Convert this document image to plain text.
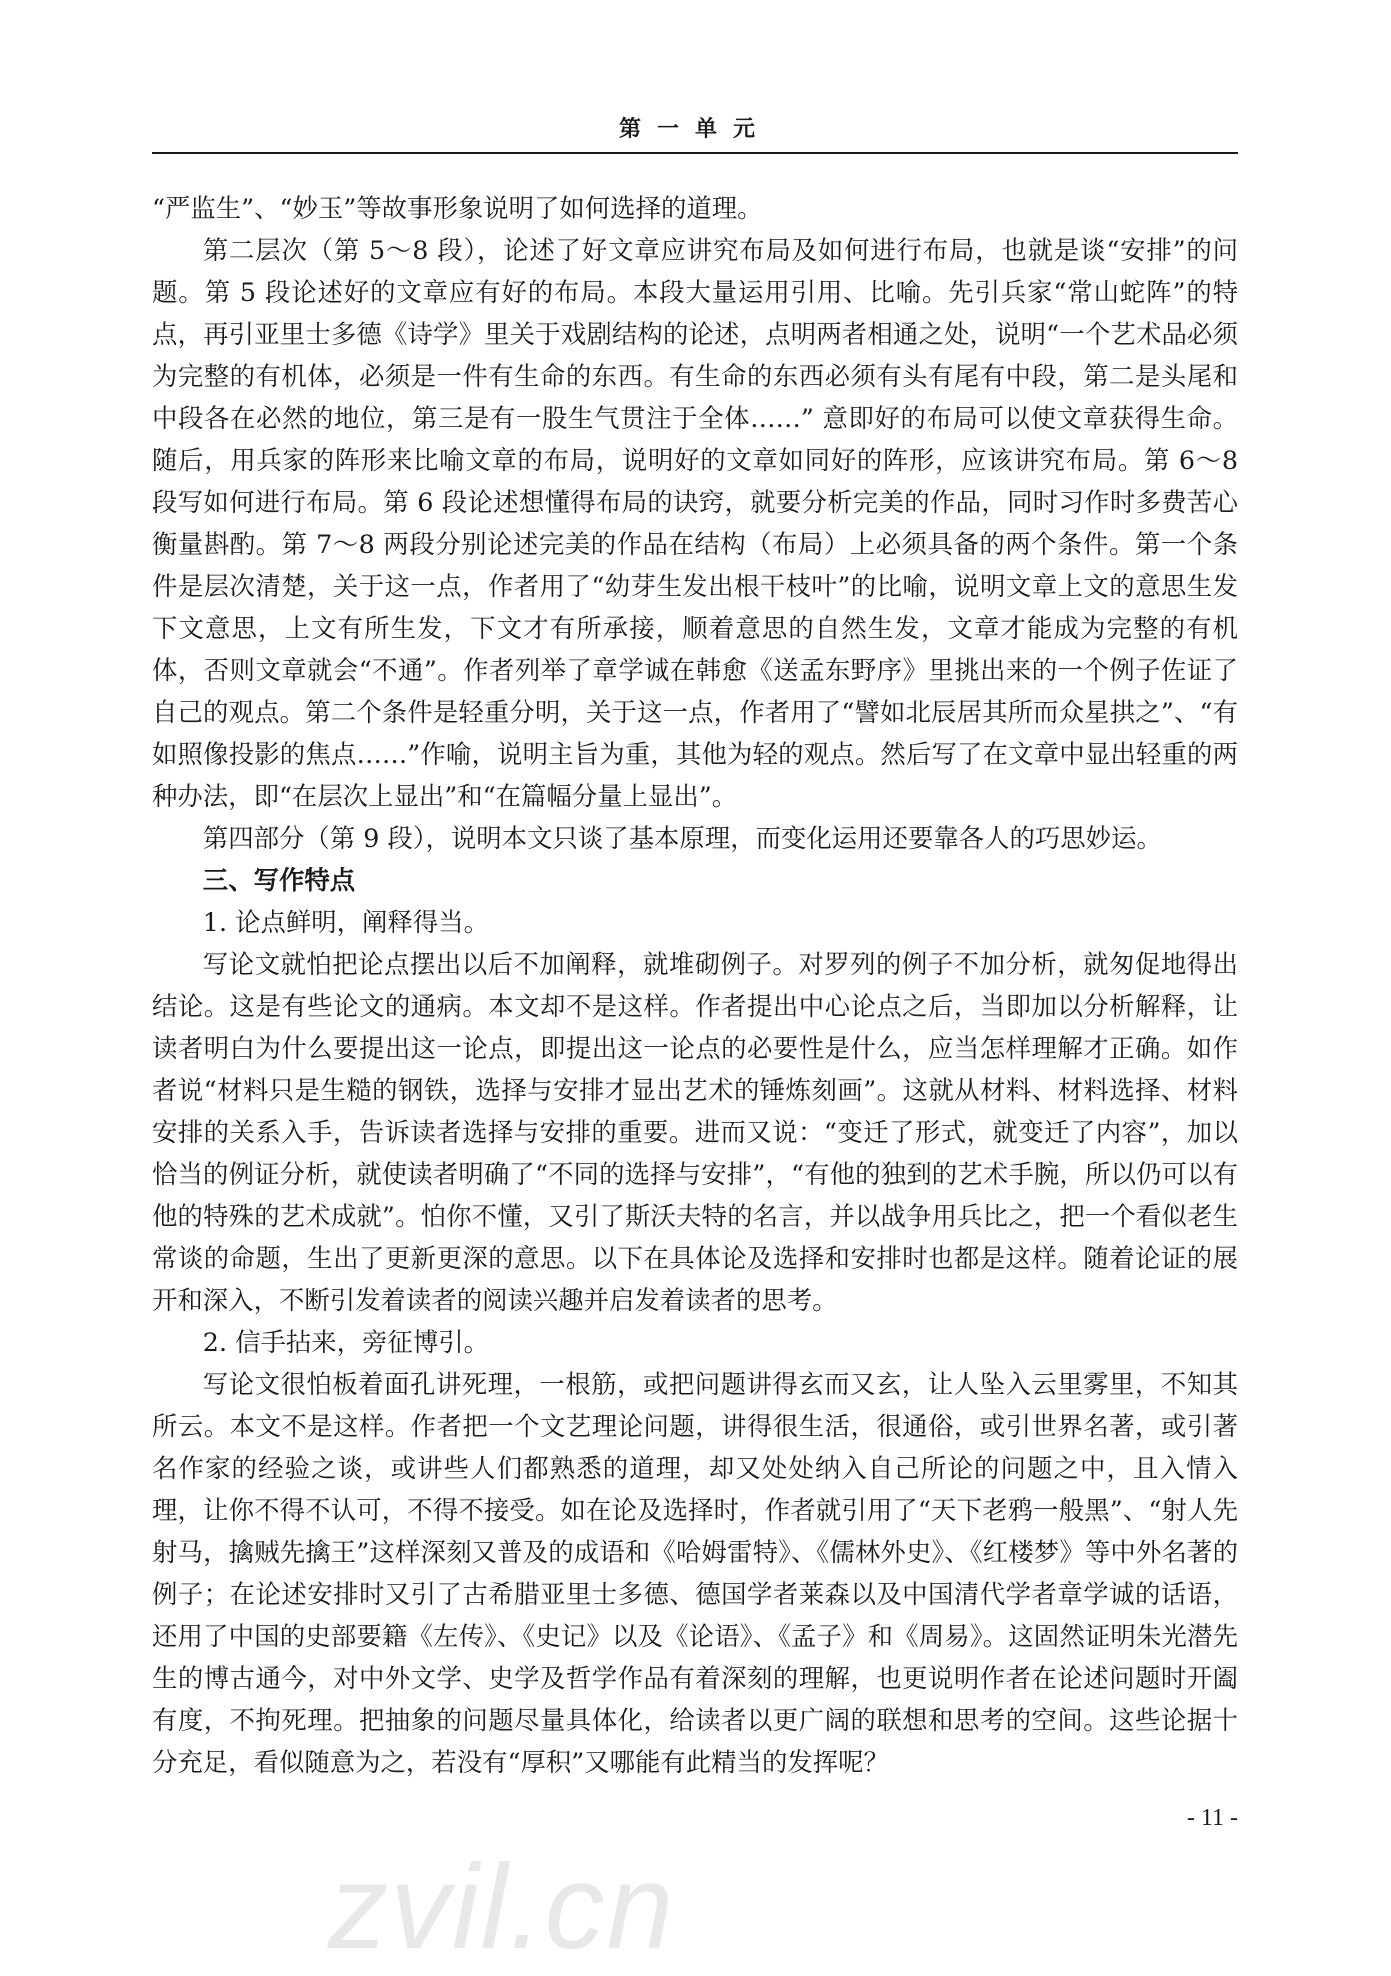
第一单元

“严监生”、“妙玉”等故事形象说明了如何选择的道理。

第二层次（第 5～8 段），论述了好文章应讲究布局及如何进行布局，也就是谈“安排”的问题。第 5 段论述好的文章应有好的布局。本段大量运用引用、比喻。先引兵家“常山蛇阵”的特点，再引亚里士多德《诗学》里关于戏剧结构的论述，点明两者相通之处，说明“一个艺术品必须为完整的有机体，必须是一件有生命的东西。有生命的东西必须有头有尾有中段，第二是头尾和中段各在必然的地位，第三是有一股生气贯注于全体……” 意即好的布局可以使文章获得生命。随后，用兵家的阵形来比喻文章的布局，说明好的文章如同好的阵形，应该讲究布局。第 6～8 段写如何进行布局。第 6 段论述想懂得布局的诀窍，就要分析完美的作品，同时习作时多费苦心衡量斟酌。第 7～8 两段分别论述完美的作品在结构（布局）上必须具备的两个条件。第一个条件是层次清楚，关于这一点，作者用了“幼芽生发出根干枝叶”的比喻，说明文章上文的意思生发下文意思，上文有所生发，下文才有所承接，顺着意思的自然生发，文章才能成为完整的有机体，否则文章就会“不通”。作者列举了章学诚在韩愈《送孟东野序》里挑出来的一个例子佐证了自己的观点。第二个条件是轻重分明，关于这一点，作者用了“譬如北辰居其所而众星拱之”、“有如照像投影的焦点……”作喻，说明主旨为重，其他为轻的观点。然后写了在文章中显出轻重的两种办法，即“在层次上显出”和“在篇幅分量上显出”。

第四部分（第 9 段），说明本文只谈了基本原理，而变化运用还要靠各人的巧思妙运。

三、写作特点

1. 论点鲜明，阐释得当。

写论文就怕把论点摆出以后不加阐释，就堆砌例子。对罗列的例子不加分析，就匆促地得出结论。这是有些论文的通病。本文却不是这样。作者提出中心论点之后，当即加以分析解释，让读者明白为什么要提出这一论点，即提出这一论点的必要性是什么，应当怎样理解才正确。如作者说“材料只是生糙的钢铁，选择与安排才显出艺术的锤炼刻画”。这就从材料、材料选择、材料安排的关系入手，告诉读者选择与安排的重要。进而又说：“变迁了形式，就变迁了内容”，加以恰当的例证分析，就使读者明确了“不同的选择与安排”，“有他的独到的艺术手腕，所以仍可以有他的特殊的艺术成就”。怕你不懂，又引了斯沃夫特的名言，并以战争用兵比之，把一个看似老生常谈的命题，生出了更新更深的意思。以下在具体论及选择和安排时也都是这样。随着论证的展开和深入，不断引发着读者的阅读兴趣并启发着读者的思考。

2. 信手拈来，旁征博引。

写论文很怕板着面孔讲死理，一根筋，或把问题讲得玄而又玄，让人坠入云里雾里，不知其所云。本文不是这样。作者把一个文艺理论问题，讲得很生活，很通俗，或引世界名著，或引著名作家的经验之谈，或讲些人们都熟悉的道理，却又处处纳入自己所论的问题之中，且入情入理，让你不得不认可，不得不接受。如在论及选择时，作者就引用了“天下老鸦一般黑”、“射人先射马，擒贼先擒王”这样深刻又普及的成语和《哈姆雷特》、《儒林外史》、《红楼梦》等中外名著的例子；在论述安排时又引了古希腊亚里士多德、德国学者莱森以及中国清代学者章学诚的话语，还用了中国的史部要籍《左传》、《史记》以及《论语》、《孟子》和《周易》。这固然证明朱光潜先生的博古通今，对中外文学、史学及哲学作品有着深刻的理解，也更说明作者在论述问题时开阖有度，不拘死理。把抽象的问题尽量具体化，给读者以更广阔的联想和思考的空间。这些论据十分充足，看似随意为之，若没有“厚积”又哪能有此精当的发挥呢？

- 11 -
zvil.cn
